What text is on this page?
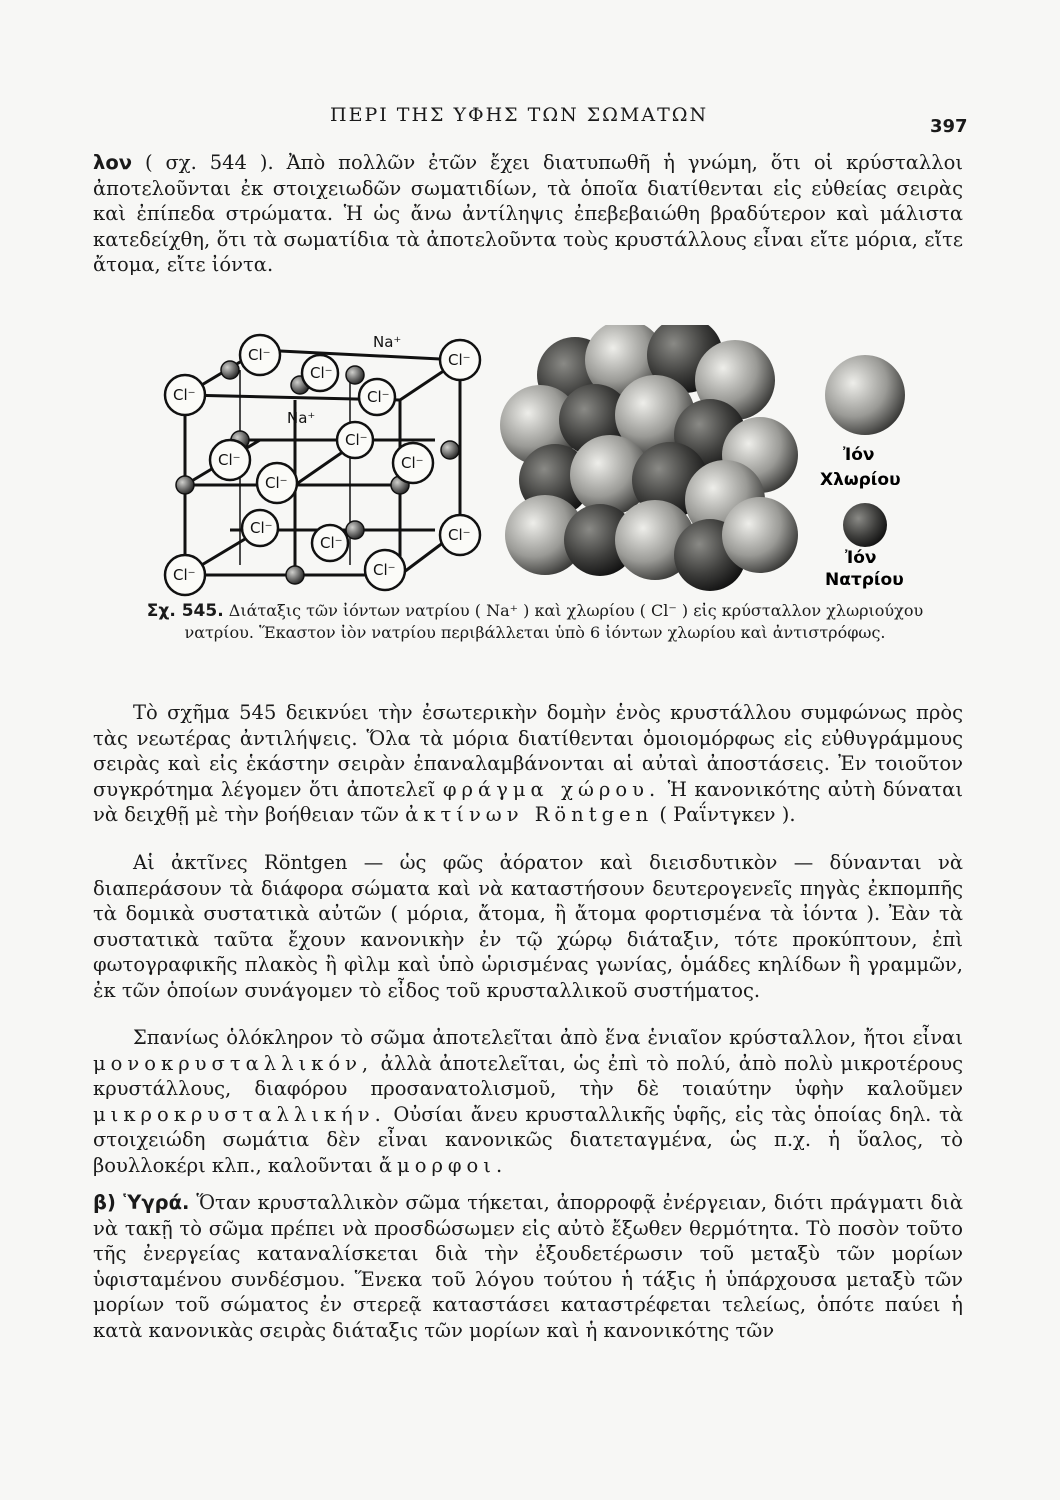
ΠΕΡΙ ΤΗΣ ΥΦΗΣ ΤΩΝ ΣΩΜΑΤΩΝ
397

λον ( σχ. 544 ). Ἀπὸ πολλῶν ἐτῶν ἔχει διατυπωθῆ ἡ γνώμη, ὅτι οἱ κρύσταλλοι ἀποτελοῦνται ἐκ στοιχειωδῶν σωματιδίων, τὰ ὁποῖα διατίθενται εἰς εὐθείας σειρὰς καὶ ἐπίπεδα στρώματα. Ἡ ὡς ἄνω ἀντίληψις ἐπεβεβαιώθη βραδύτερον καὶ μάλιστα κατεδείχθη, ὅτι τὰ σωματίδια τὰ ἀποτελοῦντα τοὺς κρυστάλλους εἶναι εἴτε μόρια, εἴτε ἄτομα, εἴτε ἰόντα.

Cl⁻
Cl⁻
Cl⁻
Cl⁻
Cl⁻
Cl⁻
Cl⁻	Cl⁻
Cl⁻
Cl⁻	Cl⁻
Cl⁻
Cl⁻	Cl⁻
Na⁺
Na⁺
Ἰόν
Χλωρίου
Ἰόν
Νατρίου

Σχ. 545. Διάταξις τῶν ἰόντων νατρίου ( Na⁺ ) καὶ χλωρίου ( Cl⁻ ) εἰς κρύσταλλον χλωριούχου νατρίου. Ἕκαστον ἰὸν νατρίου περιβάλλεται ὑπὸ 6 ἰόντων χλωρίου καὶ ἀντιστρόφως.

Τὸ σχῆμα 545 δεικνύει τὴν ἐσωτερικὴν δομὴν ἑνὸς κρυστάλλου συμφώνως πρὸς τὰς νεωτέρας ἀντιλήψεις. Ὅλα τὰ μόρια διατίθενται ὁμοιομόρφως εἰς εὐθυγράμμους σειρὰς καὶ εἰς ἑκάστην σειρὰν ἐπαναλαμβάνονται αἱ αὐταὶ ἀποστάσεις. Ἐν τοιοῦτον συγκρότημα λέγομεν ὅτι ἀποτελεῖ φράγμα χώρου. Ἡ κανονικότης αὐτὴ δύναται νὰ δειχθῇ μὲ τὴν βοήθειαν τῶν ἀκτίνων Röntgen ( Ραΐντγκεν ).

Αἱ ἀκτῖνες Röntgen — ὡς φῶς ἀόρατον καὶ διεισδυτικὸν — δύνανται νὰ διαπεράσουν τὰ διάφορα σώματα καὶ νὰ καταστήσουν δευτερογενεῖς πηγὰς ἐκπομπῆς τὰ δομικὰ συστατικὰ αὐτῶν ( μόρια, ἄτομα, ἢ ἄτομα φορτισμένα τὰ ἰόντα ). Ἐὰν τὰ συστατικὰ ταῦτα ἔχουν κανονικὴν ἐν τῷ χώρῳ διάταξιν, τότε προκύπτουν, ἐπὶ φωτογραφικῆς πλακὸς ἢ φὶλμ καὶ ὑπὸ ὡρισμένας γωνίας, ὁμάδες κηλίδων ἢ γραμμῶν, ἐκ τῶν ὁποίων συνάγομεν τὸ εἶδος τοῦ κρυσταλλικοῦ συστήματος.

Σπανίως ὁλόκληρον τὸ σῶμα ἀποτελεῖται ἀπὸ ἕνα ἑνιαῖον κρύσταλλον, ἤτοι εἶναι μονοκρυσταλλικόν, ἀλλὰ ἀποτελεῖται, ὡς ἐπὶ τὸ πολύ, ἀπὸ πολὺ μικροτέρους κρυστάλλους, διαφόρου προσανατολισμοῦ, τὴν δὲ τοιαύτην ὑφὴν καλοῦμεν μικροκρυσταλλικήν. Οὐσίαι ἄνευ κρυσταλλικῆς ὑφῆς, εἰς τὰς ὁποίας δηλ. τὰ στοιχειώδη σωμάτια δὲν εἶναι κανονικῶς διατεταγμένα, ὡς π.χ. ἡ ὕαλος, τὸ βουλλοκέρι κλπ., καλοῦνται ἄμορφοι.

β) Ὑγρά. Ὅταν κρυσταλλικὸν σῶμα τήκεται, ἀπορροφᾷ ἐνέργειαν, διότι πράγματι διὰ νὰ τακῇ τὸ σῶμα πρέπει νὰ προσδώσωμεν εἰς αὐτὸ ἔξωθεν θερμότητα. Τὸ ποσὸν τοῦτο τῆς ἐνεργείας καταναλίσκεται διὰ τὴν ἐξουδετέρωσιν τοῦ μεταξὺ τῶν μορίων ὑφισταμένου συνδέσμου. Ἕνεκα τοῦ λόγου τούτου ἡ τάξις ἡ ὑπάρχουσα μεταξὺ τῶν μορίων τοῦ σώματος ἐν στερεᾷ καταστάσει καταστρέφεται τελείως, ὁπότε παύει ἡ κατὰ κανονικὰς σειρὰς διάταξις τῶν μορίων καὶ ἡ κανονικότης τῶν
